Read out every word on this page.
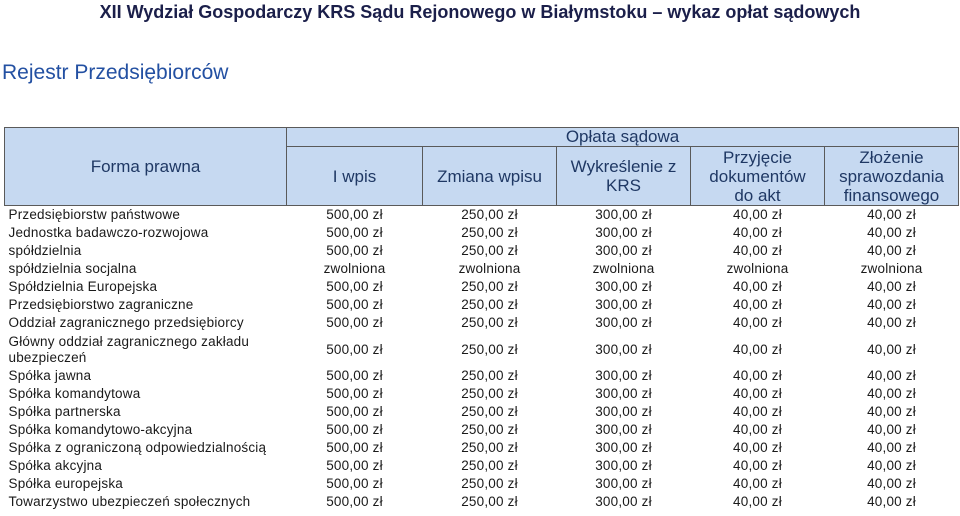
XII Wydział Gospodarczy KRS Sądu Rejonowego w Białymstoku – wykaz opłat sądowych
Rejestr Przedsiębiorców
Forma prawna	Opłata sądowa				
	I wpis	Zmiana wpisu	Wykreślenie z KRS	Przyjęcie dokumentów do akt	Złożenie sprawozdania finansowego
Przedsiębiorstw państwowe	500,00 zł	250,00 zł	300,00 zł	40,00 zł	40,00 zł
Jednostka badawczo-rozwojowa	500,00 zł	250,00 zł	300,00 zł	40,00 zł	40,00 zł
spółdzielnia	500,00 zł	250,00 zł	300,00 zł	40,00 zł	40,00 zł
spółdzielnia socjalna	zwolniona	zwolniona	zwolniona	zwolniona	zwolniona
Spółdzielnia Europejska	500,00 zł	250,00 zł	300,00 zł	40,00 zł	40,00 zł
Przedsiębiorstwo zagraniczne	500,00 zł	250,00 zł	300,00 zł	40,00 zł	40,00 zł
Oddział zagranicznego przedsiębiorcy	500,00 zł	250,00 zł	300,00 zł	40,00 zł	40,00 zł
Główny oddział zagranicznego zakładu ubezpieczeń	500,00 zł	250,00 zł	300,00 zł	40,00 zł	40,00 zł
Spółka jawna	500,00 zł	250,00 zł	300,00 zł	40,00 zł	40,00 zł
Spółka komandytowa	500,00 zł	250,00 zł	300,00 zł	40,00 zł	40,00 zł
Spółka partnerska	500,00 zł	250,00 zł	300,00 zł	40,00 zł	40,00 zł
Spółka komandytowo-akcyjna	500,00 zł	250,00 zł	300,00 zł	40,00 zł	40,00 zł
Spółka z ograniczoną odpowiedzialnością	500,00 zł	250,00 zł	300,00 zł	40,00 zł	40,00 zł
Spółka akcyjna	500,00 zł	250,00 zł	300,00 zł	40,00 zł	40,00 zł
Spółka europejska	500,00 zł	250,00 zł	300,00 zł	40,00 zł	40,00 zł
Towarzystwo ubezpieczeń społecznych	500,00 zł	250,00 zł	300,00 zł	40,00 zł	40,00 zł
